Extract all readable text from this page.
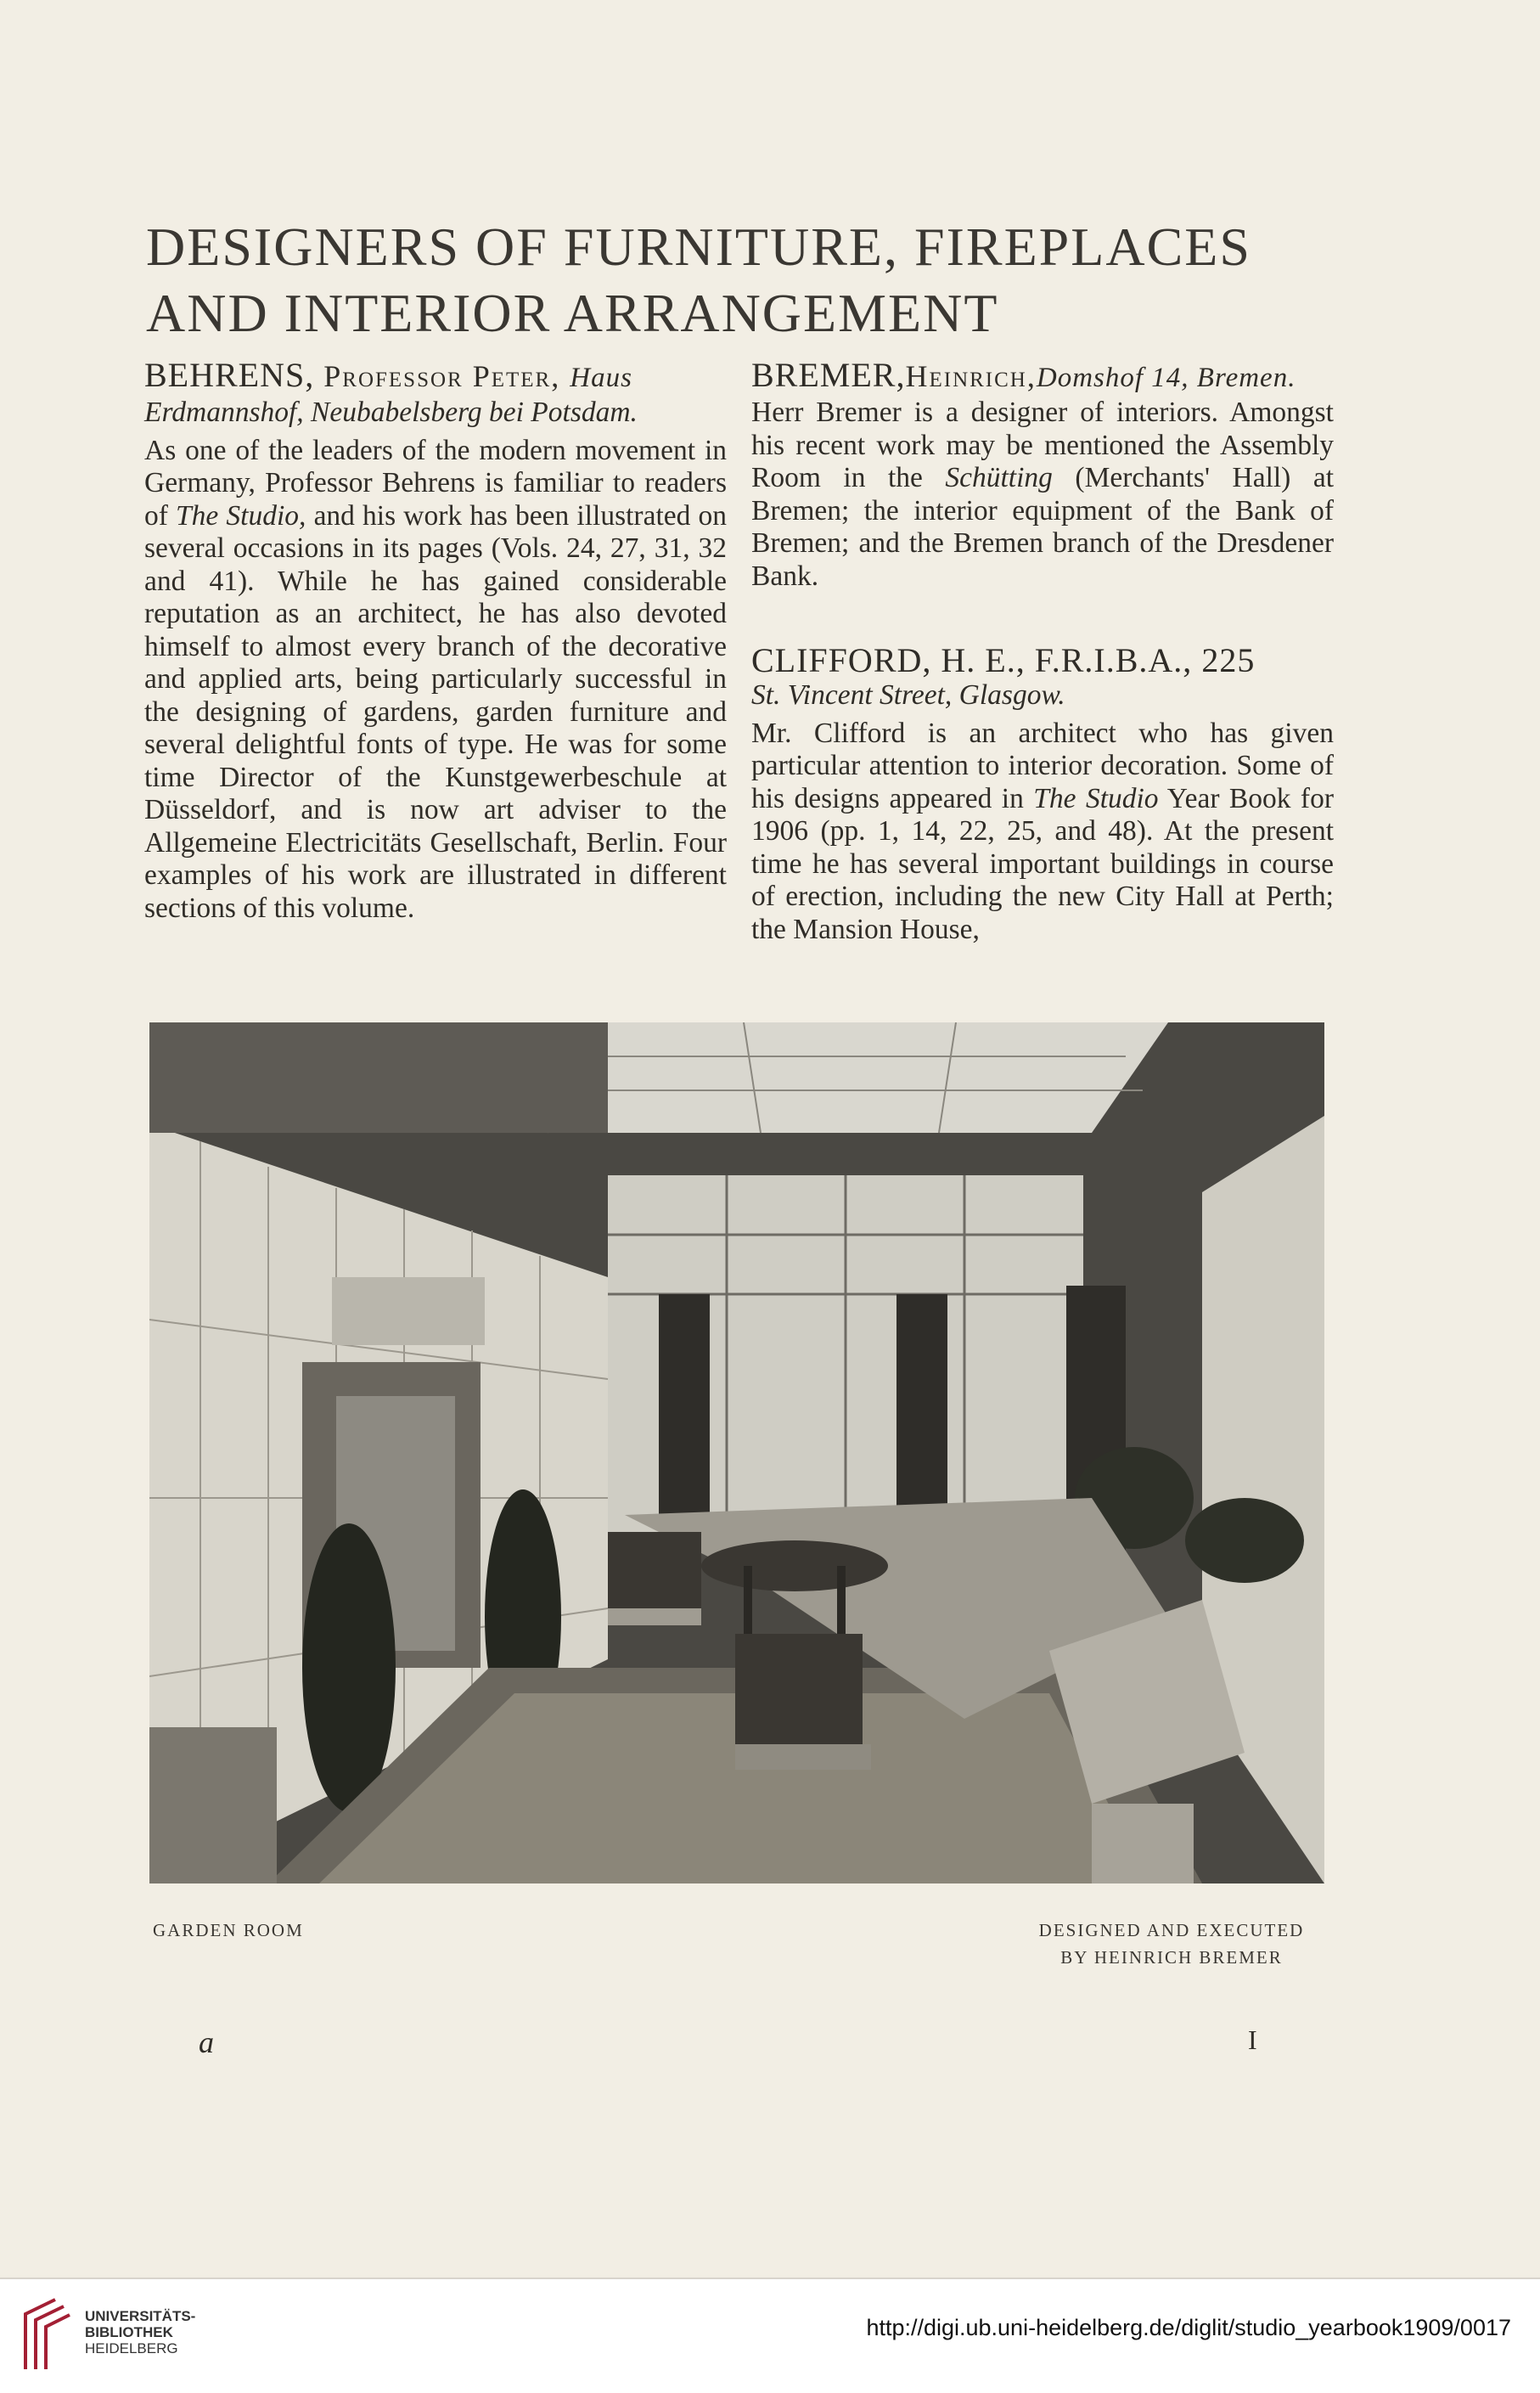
DESIGNERS OF FURNITURE, FIREPLACES
AND INTERIOR ARRANGEMENT
BEHRENS, Professor Peter, Haus
Erdmannshof, Neubabelsberg bei Potsdam.

As one of the leaders of the modern movement in Germany, Professor Behrens is familiar to readers of The Studio, and his work has been illustrated on several occasions in its pages (Vols. 24, 27, 31, 32 and 41). While he has gained considerable reputation as an architect, he has also devoted himself to almost every branch of the decorative and applied arts, being particularly successful in the designing of gardens, garden furniture and several delightful fonts of type. He was for some time Director of the Kunstgewerbeschule at Düsseldorf, and is now art adviser to the Allgemeine Electricitäts Gesellschaft, Berlin. Four examples of his work are illustrated in different sections of this volume.

BREMER,Heinrich,Domshof 14, Bremen.

Herr Bremer is a designer of interiors. Amongst his recent work may be mentioned the Assembly Room in the Schütting (Merchants' Hall) at Bremen; the interior equipment of the Bank of Bremen; and the Bremen branch of the Dresdener Bank.

CLIFFORD, H. E., F.R.I.B.A., 225
St. Vincent Street, Glasgow.

Mr. Clifford is an architect who has given particular attention to interior decoration. Some of his designs appeared in The Studio Year Book for 1906 (pp. 1, 14, 22, 25, and 48). At the present time he has several important buildings in course of erection, including the new City Hall at Perth; the Mansion House,

GARDEN ROOM	DESIGNED AND EXECUTED
BY HEINRICH BREMER
a	I
UNIVERSITÄTS-
BIBLIOTHEK
HEIDELBERG
http://digi.ub.uni-heidelberg.de/diglit/studio_yearbook1909/0017
